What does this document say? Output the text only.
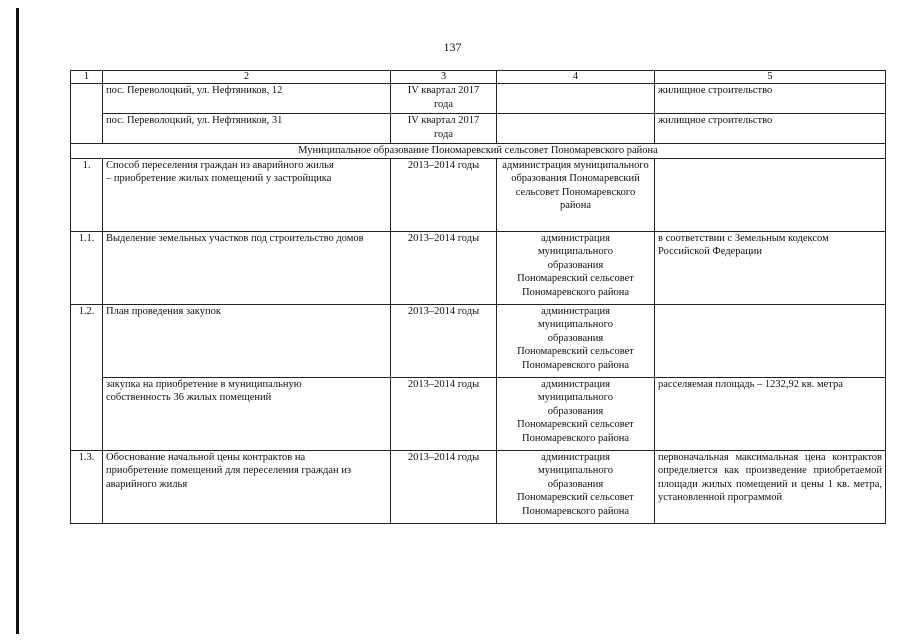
137
1	2	3	4	5
	пос. Переволоцкий, ул. Нефтяников, 12	IV квартал 2017 года		жилищное строительство
	пос. Переволоцкий, ул. Нефтяников, 31	IV квартал 2017 года		жилищное строительство
Муниципальное образование Пономаревский сельсовет Пономаревского района				
1.	Способ переселения граждан из аварийного жилья – приобретение жилых помещений у застройщика	2013–2014 годы	администрация муниципального образования Пономаревский сельсовет Пономаревского района	
1.1.	Выделение земельных участков под строительство домов	2013–2014 годы	администрация муниципального образования Пономаревский сельсовет Пономаревского района	в соответствии с Земельным кодексом Российской Федерации
1.2.	План проведения закупок	2013–2014 годы	администрация муниципального образования Пономаревский сельсовет Пономаревского района	

	закупка на приобретение в муниципальную собственность 36 жилых помещений	2013–2014 годы	администрация муниципального образования Пономаревский сельсовет Пономаревского района	расселяемая площадь – 1232,92 кв. метра
1.3.	Обоснование начальной цены контрактов на приобретение помещений для переселения граждан из аварийного жилья	2013–2014 годы	администрация муниципального образования Пономаревский сельсовет Пономаревского района	первоначальная максимальная цена контрактов определяется как произведение приобретаемой площади жилых помещений и цены 1 кв. метра, установленной программой
